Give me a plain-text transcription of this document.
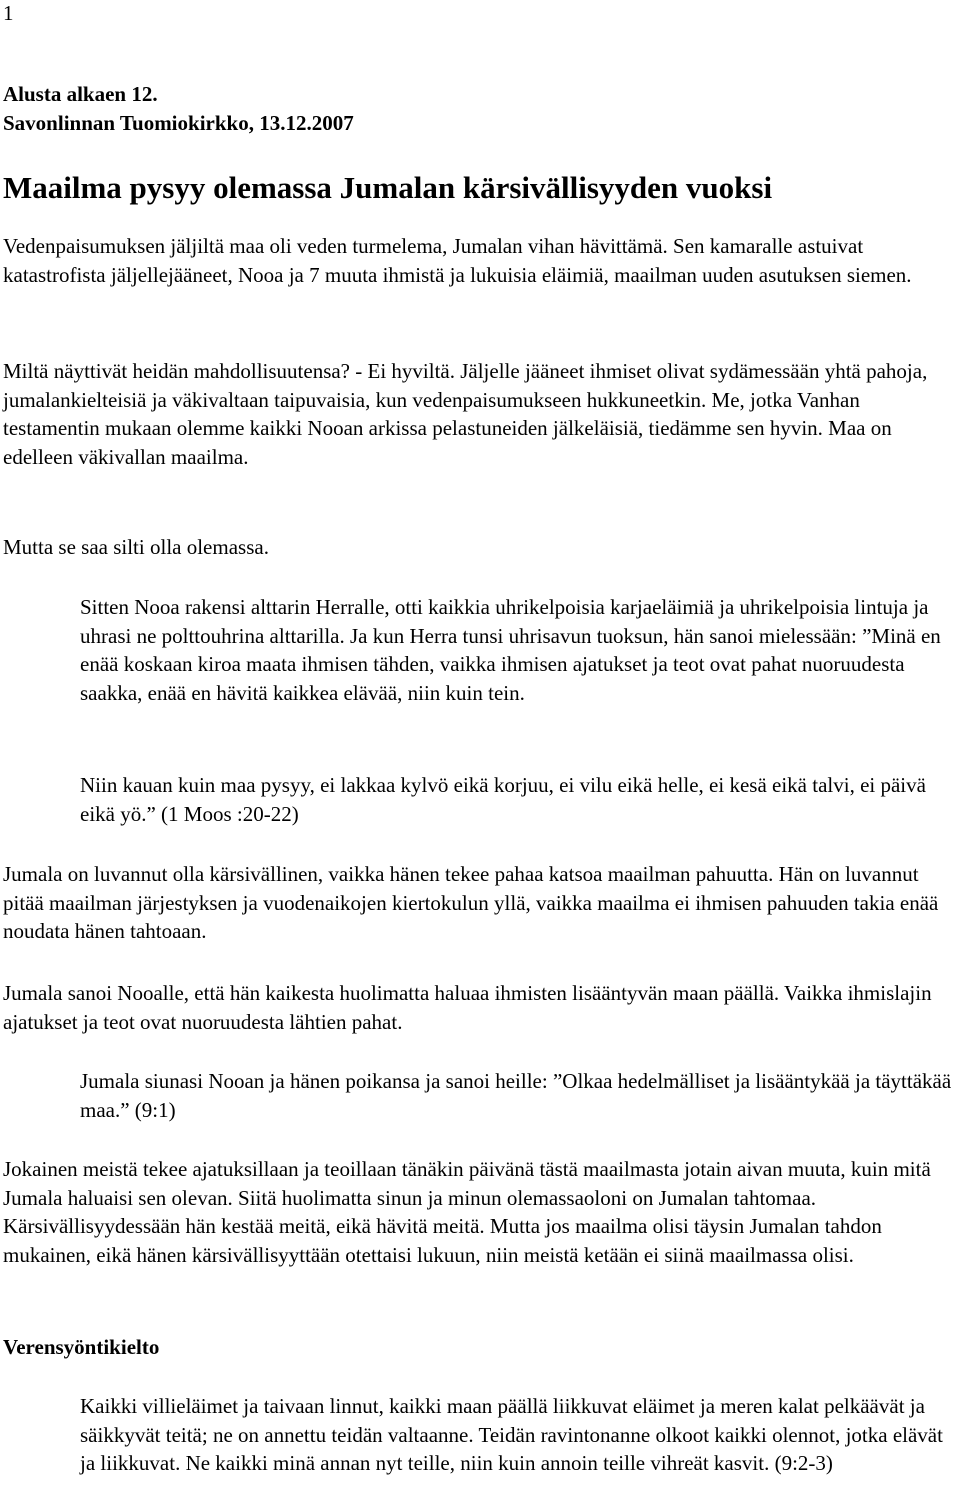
1

Alusta alkaen 12.

Savonlinnan Tuomiokirkko, 13.12.2007

Maailma pysyy olemassa Jumalan kärsivällisyyden vuoksi
Vedenpaisumuksen jäljiltä maa oli veden turmelema, Jumalan vihan hävittämä. Sen kamaralle astuivat katastrofista jäljellejääneet, Nooa ja 7 muuta ihmistä ja lukuisia eläimiä, maailman uuden asutuksen siemen.
Miltä näyttivät heidän mahdollisuutensa? - Ei hyviltä. Jäljelle jääneet ihmiset olivat sydämessään yhtä pahoja, jumalankielteisiä ja väkivaltaan taipuvaisia, kun vedenpaisumukseen hukkuneetkin. Me, jotka Vanhan testamentin mukaan olemme kaikki Nooan arkissa pelastuneiden jälkeläisiä, tiedämme sen hyvin. Maa on edelleen väkivallan maailma.
Mutta se saa silti olla olemassa.
Sitten Nooa rakensi alttarin Herralle, otti kaikkia uhrikelpoisia karjaeläimiä ja uhrikelpoisia lintuja ja uhrasi ne polttouhrina alttarilla. Ja kun Herra tunsi uhrisavun tuoksun, hän sanoi mielessään: ”Minä en enää koskaan kiroa maata ihmisen tähden, vaikka ihmisen ajatukset ja teot ovat pahat nuoruudesta saakka, enää en hävitä kaikkea elävää, niin kuin tein.
Niin kauan kuin maa pysyy, ei lakkaa kylvö eikä korjuu, ei vilu eikä helle, ei kesä eikä talvi, ei päivä eikä yö.” (1 Moos :20-22)
Jumala on luvannut olla kärsivällinen, vaikka hänen tekee pahaa katsoa maailman pahuutta. Hän on luvannut pitää maailman järjestyksen ja vuodenaikojen kiertokulun yllä, vaikka maailma ei ihmisen pahuuden takia enää noudata hänen tahtoaan.
Jumala sanoi Nooalle, että hän kaikesta huolimatta haluaa ihmisten lisääntyvän maan päällä. Vaikka ihmislajin ajatukset ja teot ovat nuoruudesta lähtien pahat.
Jumala siunasi Nooan ja hänen poikansa ja sanoi heille: ”Olkaa hedelmälliset ja lisääntykää ja täyttäkää maa.” (9:1)
Jokainen meistä tekee ajatuksillaan ja teoillaan tänäkin päivänä tästä maailmasta jotain aivan muuta, kuin mitä Jumala haluaisi sen olevan. Siitä huolimatta sinun ja minun olemassaoloni on Jumalan tahtomaa. Kärsivällisyydessään hän kestää meitä, eikä hävitä meitä. Mutta jos maailma olisi täysin Jumalan tahdon mukainen, eikä hänen kärsivällisyyttään otettaisi lukuun, niin meistä ketään ei siinä maailmassa olisi.
Verensyöntikielto
Kaikki villieläimet ja taivaan linnut, kaikki maan päällä liikkuvat eläimet ja meren kalat pelkäävät ja säikkyvät teitä; ne on annettu teidän valtaanne. Teidän ravintonanne olkoot kaikki olennot, jotka elävät ja liikkuvat. Ne kaikki minä annan nyt teille, niin kuin annoin teille vihreät kasvit. (9:2-3)
